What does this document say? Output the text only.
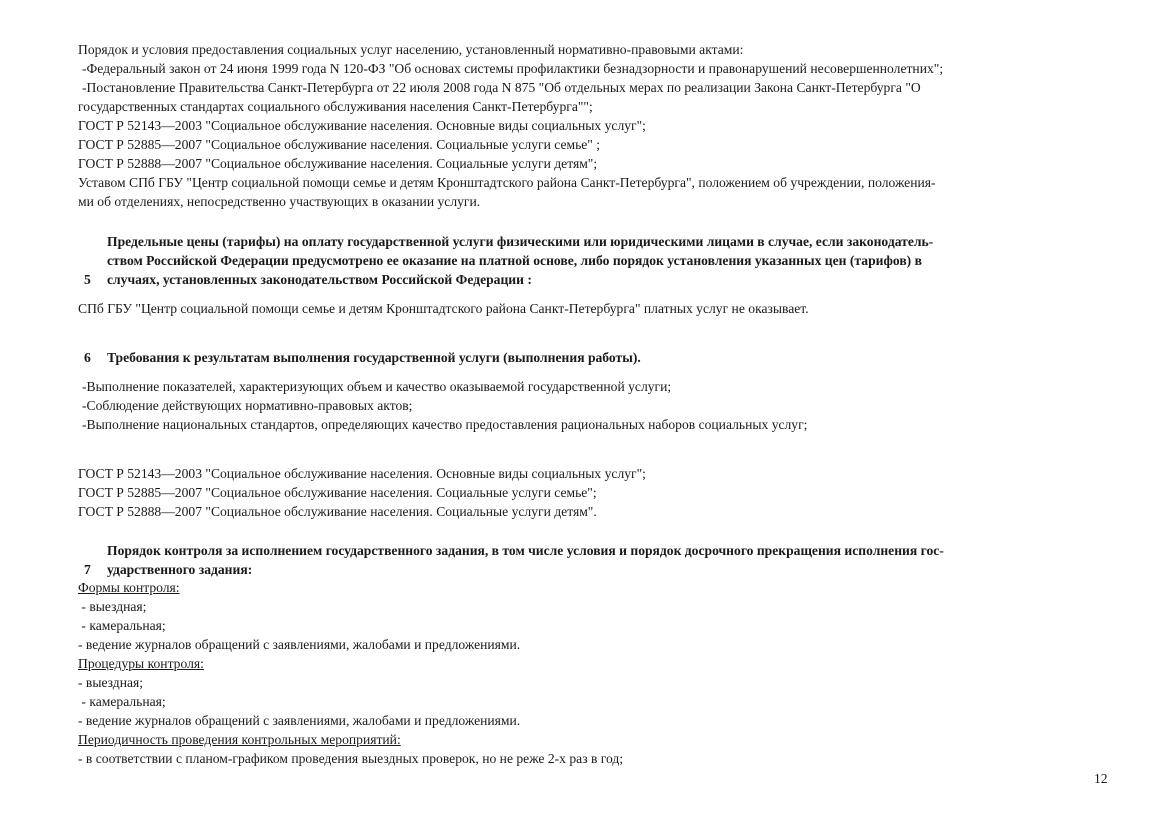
Порядок и условия предоставления социальных услуг населению, установленный нормативно-правовыми актами:
-Федеральный закон от 24 июня 1999 года N 120-ФЗ "Об основах системы профилактики безнадзорности и правонарушений несовершеннолетних";
-Постановление Правительства Санкт-Петербурга от 22 июля 2008 года N 875 "Об отдельных мерах по реализации Закона Санкт-Петербурга "О
государственных стандартах социального обслуживания населения Санкт-Петербурга"";
ГОСТ Р 52143—2003 "Социальное обслуживание населения. Основные виды социальных услуг";
ГОСТ Р 52885—2007 "Социальное обслуживание населения. Социальные услуги семье" ;
ГОСТ Р 52888—2007 "Социальное обслуживание населения. Социальные услуги детям";
Уставом СПб ГБУ "Центр социальной помощи семье и детям Кронштадтского района Санкт-Петербурга", положением об учреждении, положения-
ми об отделениях, непосредственно участвующих в оказании услуги.
Предельные цены (тарифы) на оплату государственной услуги физическими или юридическими лицами в случае, если законодатель-
ством Российской Федерации предусмотрено ее оказание на платной основе, либо порядок установления указанных цен (тарифов) в
случаях, установленных законодательством Российской Федерации :
5
СПб ГБУ "Центр социальной помощи семье и детям Кронштадтского района Санкт-Петербурга" платных услуг не оказывает.
6 Требования к результатам выполнения государственной услуги (выполнения работы).
-Выполнение показателей, характеризующих объем и качество оказываемой государственной услуги;
-Соблюдение действующих нормативно-правовых актов;
-Выполнение национальных стандартов, определяющих качество предоставления рациональных наборов социальных услуг;
ГОСТ Р 52143—2003 "Социальное обслуживание населения. Основные виды социальных услуг";
ГОСТ Р 52885—2007 "Социальное обслуживание населения. Социальные услуги семье";
ГОСТ Р 52888—2007 "Социальное обслуживание населения. Социальные услуги детям".
Порядок контроля за исполнением государственного задания, в том числе условия и порядок досрочного прекращения исполнения гос-
ударственного задания:
7
Формы контроля:
- выездная;
- камеральная;
- ведение журналов обращений с заявлениями, жалобами и предложениями.
Процедуры контроля:
- выездная;
- камеральная;
- ведение журналов обращений с заявлениями, жалобами и предложениями.
Периодичность проведения контрольных мероприятий:
- в соответствии с планом-графиком проведения выездных проверок, но не реже 2-х раз в год;
12
